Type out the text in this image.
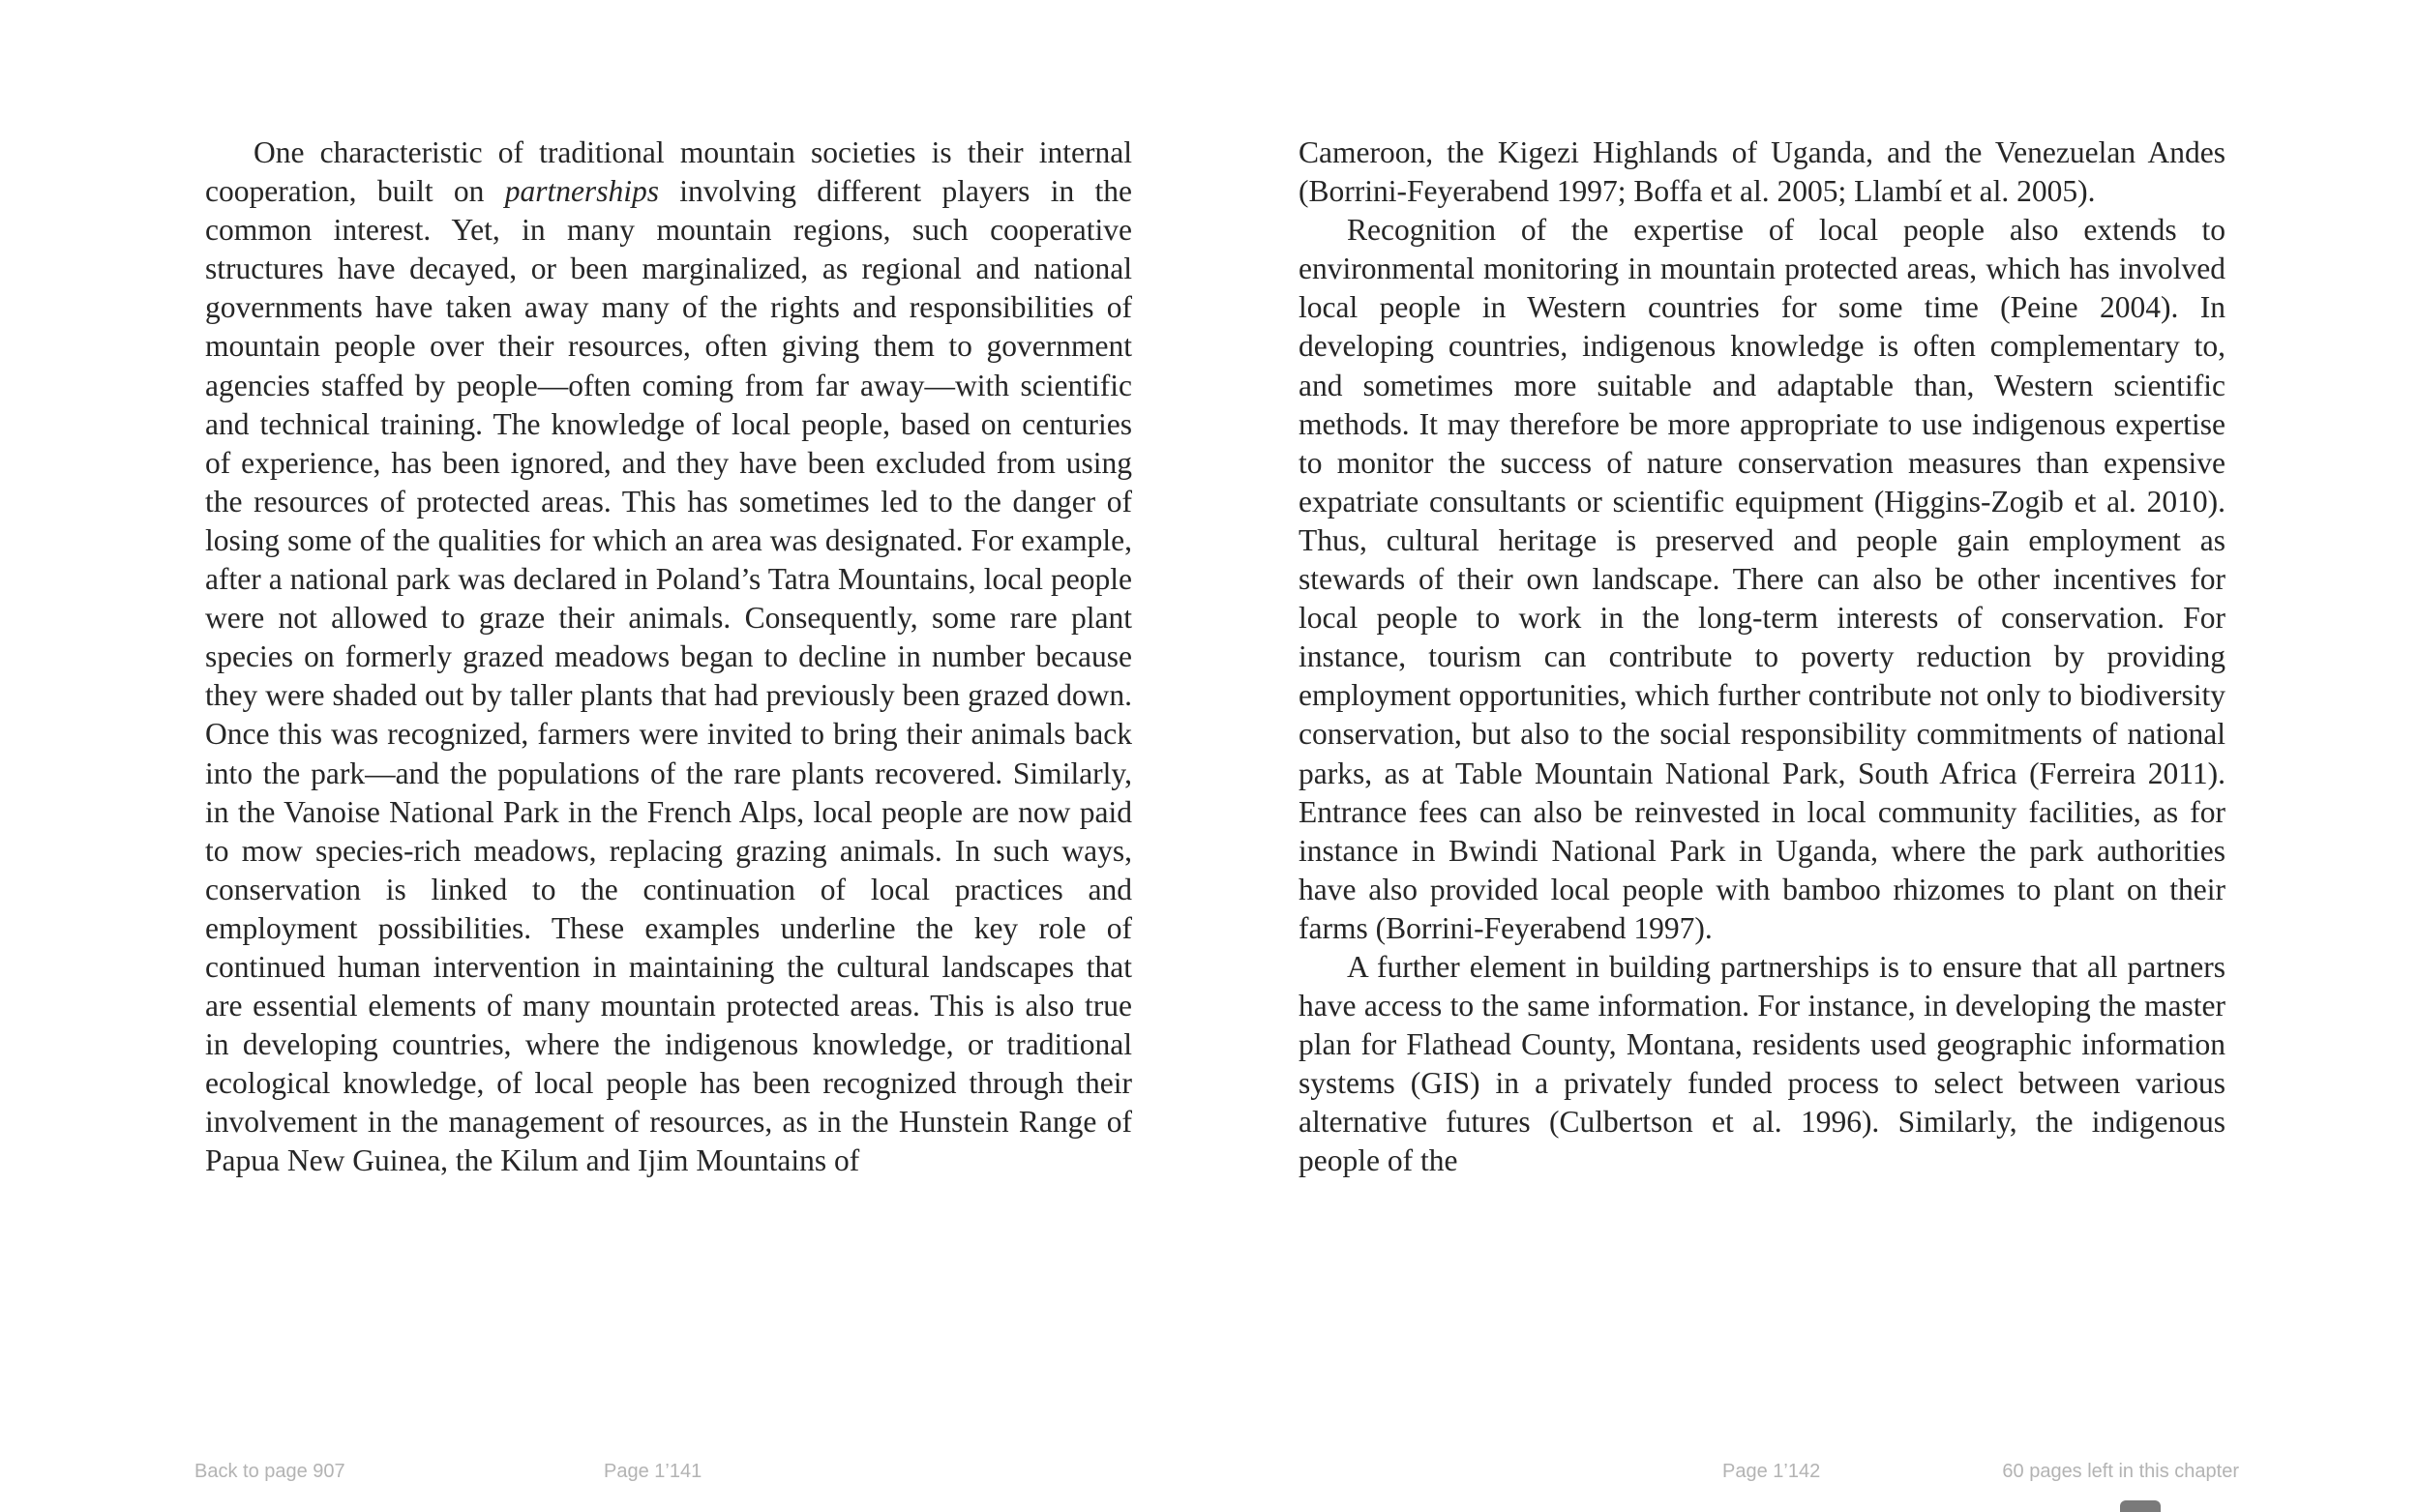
One characteristic of traditional mountain societies is their internal cooperation, built on partnerships involving different players in the common interest. Yet, in many mountain regions, such cooperative structures have decayed, or been marginalized, as regional and national governments have taken away many of the rights and responsibilities of mountain people over their resources, often giving them to government agencies staffed by people—often coming from far away—with scientific and technical training. The knowledge of local people, based on centuries of experience, has been ignored, and they have been excluded from using the resources of protected areas. This has sometimes led to the danger of losing some of the qualities for which an area was designated. For example, after a national park was declared in Poland’s Tatra Mountains, local people were not allowed to graze their animals. Consequently, some rare plant species on formerly grazed meadows began to decline in number because they were shaded out by taller plants that had previously been grazed down. Once this was recognized, farmers were invited to bring their animals back into the park—and the populations of the rare plants recovered. Similarly, in the Vanoise National Park in the French Alps, local people are now paid to mow species-rich meadows, replacing grazing animals. In such ways, conservation is linked to the continuation of local practices and employment possibilities. These examples underline the key role of continued human intervention in maintaining the cultural landscapes that are essential elements of many mountain protected areas. This is also true in developing countries, where the indigenous knowledge, or traditional ecological knowledge, of local people has been recognized through their involvement in the management of resources, as in the Hunstein Range of Papua New Guinea, the Kilum and Ijim Mountains of

Cameroon, the Kigezi Highlands of Uganda, and the Venezuelan Andes (Borrini-Feyerabend 1997; Boffa et al. 2005; Llambí et al. 2005).

Recognition of the expertise of local people also extends to environmental monitoring in mountain protected areas, which has involved local people in Western countries for some time (Peine 2004). In developing countries, indigenous knowledge is often complementary to, and sometimes more suitable and adaptable than, Western scientific methods. It may therefore be more appropriate to use indigenous expertise to monitor the success of nature conservation measures than expensive expatriate consultants or scientific equipment (Higgins-Zogib et al. 2010). Thus, cultural heritage is preserved and people gain employment as stewards of their own landscape. There can also be other incentives for local people to work in the long-term interests of conservation. For instance, tourism can contribute to poverty reduction by providing employment opportunities, which further contribute not only to biodiversity conservation, but also to the social responsibility commitments of national parks, as at Table Mountain National Park, South Africa (Ferreira 2011). Entrance fees can also be reinvested in local community facilities, as for instance in Bwindi National Park in Uganda, where the park authorities have also provided local people with bamboo rhizomes to plant on their farms (Borrini-Feyerabend 1997).

A further element in building partnerships is to ensure that all partners have access to the same information. For instance, in developing the master plan for Flathead County, Montana, residents used geographic information systems (GIS) in a privately funded process to select between various alternative futures (Culbertson et al. 1996). Similarly, the indigenous people of the

Back to page 907	Page 1’141	Page 1’142	60 pages left in this chapter
